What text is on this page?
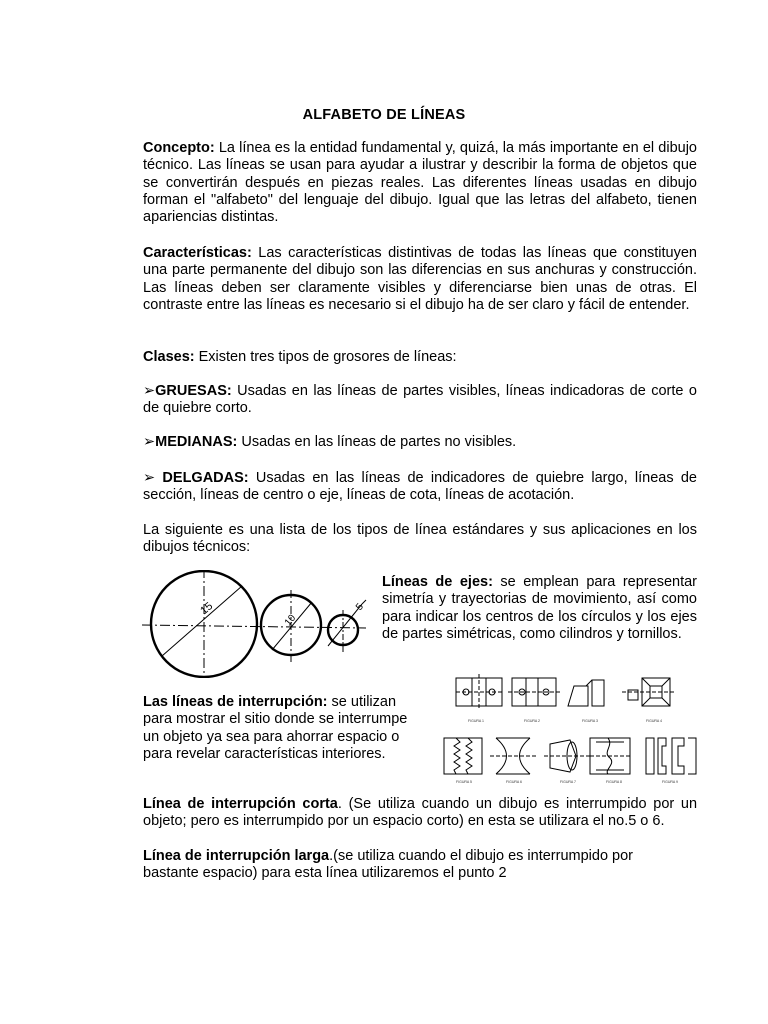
ALFABETO DE LÍNEAS
Concepto: La línea es la entidad fundamental y, quizá, la más importante en el dibujo técnico. Las líneas se usan para ayudar a ilustrar y describir la forma de objetos que se convertirán después en piezas reales. Las diferentes líneas usadas en dibujo forman el "alfabeto" del lenguaje del dibujo. Igual que las letras del alfabeto, tienen apariencias distintas.
Características: Las características distintivas de todas las líneas que constituyen una parte permanente del dibujo son las diferencias en sus anchuras y construcción. Las líneas deben ser claramente visibles y diferenciarse bien unas de otras. El contraste entre las líneas es necesario si el dibujo ha de ser claro y fácil de entender.
Clases: Existen tres tipos de grosores de líneas:
➢GRUESAS: Usadas en las líneas de partes visibles, líneas indicadoras de corte o de quiebre corto.
➢MEDIANAS: Usadas en las líneas de partes no visibles.
➢ DELGADAS: Usadas en las líneas de indicadores de quiebre largo, líneas de sección, líneas de centro o eje, líneas de cota, líneas de acotación.
La siguiente es una lista de los tipos de línea estándares y sus aplicaciones en los dibujos técnicos:
15
10
5
Líneas de ejes: se emplean para representar simetría y trayectorias de movimiento, así como para indicar los centros de los círculos y los ejes de partes simétricas, como cilindros y tornillos.
Las líneas de interrupción: se utilizan para mostrar el sitio donde se interrumpe un objeto ya sea para ahorrar espacio o para revelar características interiores.
FIGURA 1	FIGURA 2	FIGURA 3	FIGURA 4
FIGURA 5	FIGURA 6	FIGURA 7	FIGURA 8	FIGURA 9
Línea de interrupción corta. (Se utiliza cuando un dibujo es interrumpido por un objeto; pero es interrumpido por un espacio corto) en esta se utilizara el no.5 o 6.
Línea de interrupción larga.(se utiliza cuando el dibujo es interrumpido por bastante espacio) para esta línea utilizaremos el punto 2
